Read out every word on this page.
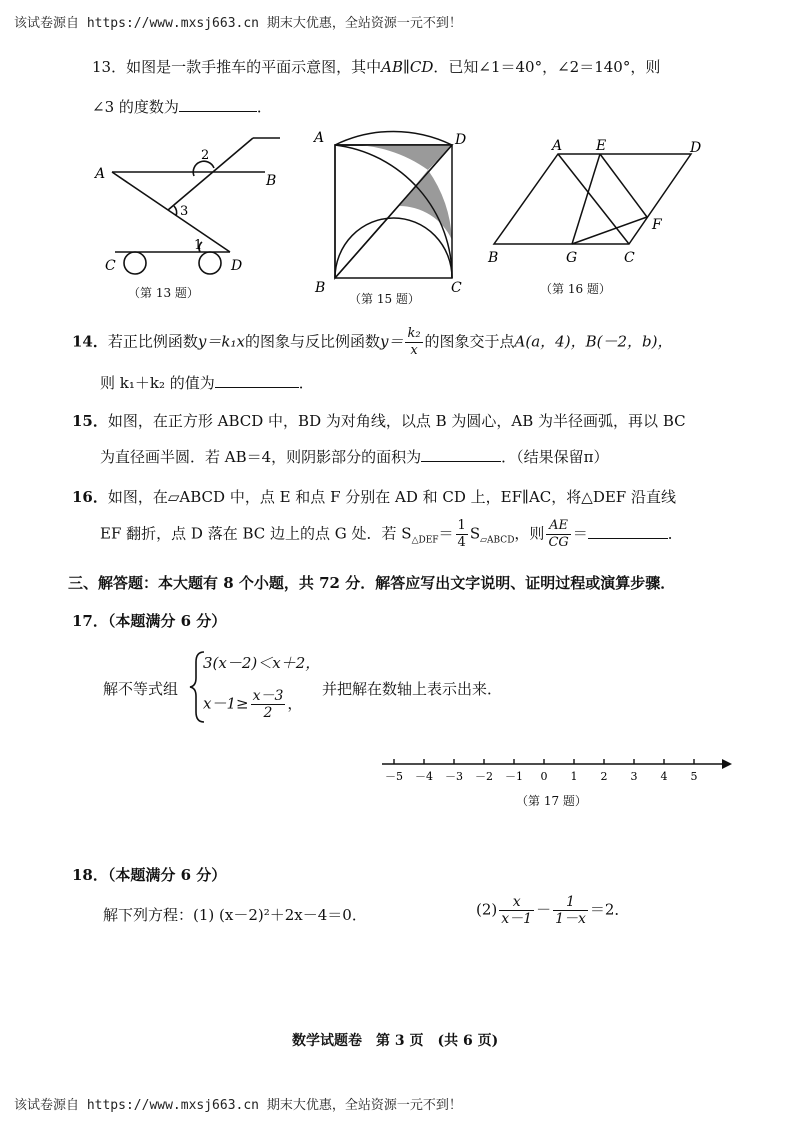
该试卷源自 https://www.mxsj663.cn 期末大优惠，全站资源一元不到！
13．如图是一款手推车的平面示意图，其中AB∥CD．已知∠1＝40°，∠2＝140°，则
∠3 的度数为	．
A	B
C	D
1
2
3
（第 13 题）
A	D
B	C
（第 15 题）
A E	D
B	G	C
F
（第 16 题）
14．若正比例函数y＝k₁x的图象与反比例函数$y= \frac{\text{k₂}}{x}$ 的图象交于点A(a，4)，B(－2，b)，
则 k₁＋k₂ 的值为	．
15．如图，在正方形 ABCD 中，BD 为对角线，以点 B 为圆心，AB 为半径画弧，再以 BC
为直径画半圆．若 AB＝4，则阴影部分的面积为	．（结果保留π）
16．如图，在▱ABCD 中，点 E 和点 F 分别在 AD 和 CD 上，EF∥AC，将△DEF 沿直线
EF 翻折，点 D 落在 BC 边上的点 G 处．若 $S_{\triangle DEF}= \frac{1}{4} S_{▱ABCD}$，则 $\frac{AE}{CG}$ ＝	．
三、解答题：本大题有 8 个小题，共 72 分．解答应写出文字说明、证明过程或演算步骤．
17．（本题满分 6 分）
解不等式组
3(x－2)＜x＋2，
$x-1\ge \frac{x-3}{2}$ ，
并把解在数轴上表示出来．
－5 －4 －3 －2 －1 0 1 2 3 4 5
（第 17 题）
18．（本题满分 6 分）
解下列方程：(1) (x－2)²＋2x－4＝0．	$(2) \frac{x}{x-1} - \frac{1}{1-x} =2$．
数学试题卷　第 3 页　(共 6 页)
该试卷源自 https://www.mxsj663.cn 期末大优惠，全站资源一元不到！
